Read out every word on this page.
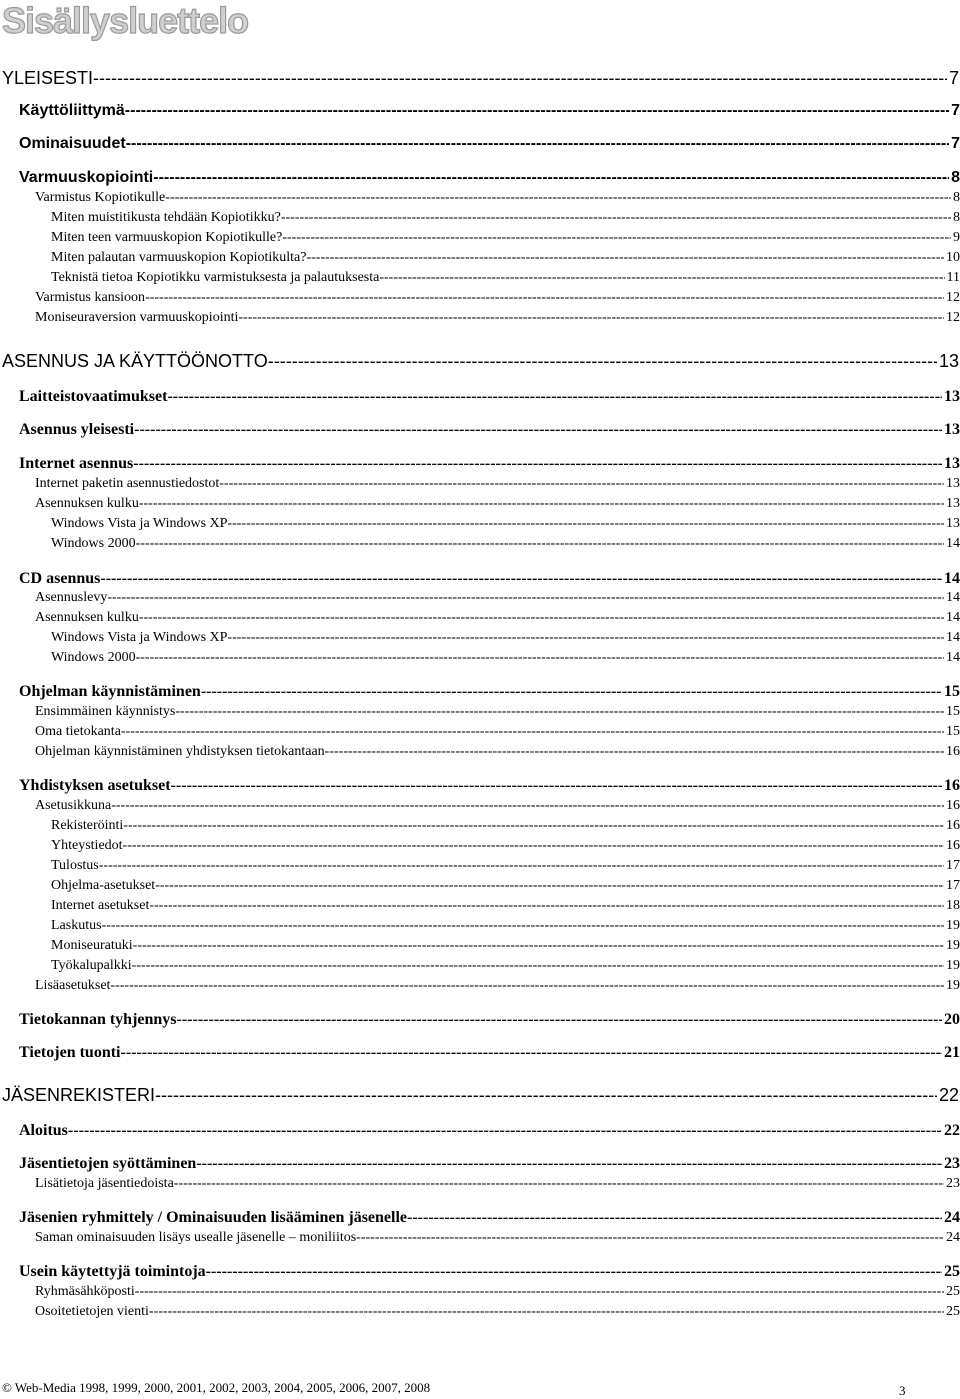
Sisällysluettelo
YLEISESTI -----	7
Käyttöliittymä -----	7
Ominaisuudet -----	7
Varmuuskopiointi -----	8
Varmistus Kopiotikulle -----	8
Miten muistitikusta tehdään Kopiotikku? -----	8
Miten teen varmuuskopion Kopiotikulle? -----	9
Miten palautan varmuuskopion Kopiotikulta? -----	10
Teknistä tietoa Kopiotikku varmistuksesta ja palautuksesta -----	11
Varmistus kansioon -----	12
Moniseuraversion varmuuskopiointi -----	12
ASENNUS JA KÄYTTÖÖNOTTO -----	13
Laitteistovaatimukset -----	13
Asennus yleisesti -----	13
Internet asennus -----	13
Internet paketin asennustiedostot -----	13
Asennuksen kulku -----	13
Windows Vista ja Windows XP -----	13
Windows 2000 -----	14
CD asennus -----	14
Asennuslevy -----	14
Asennuksen kulku -----	14
Windows Vista ja Windows XP -----	14
Windows 2000 -----	14
Ohjelman käynnistäminen -----	15
Ensimmäinen käynnistys -----	15
Oma tietokanta -----	15
Ohjelman käynnistäminen yhdistyksen tietokantaan -----	16
Yhdistyksen asetukset -----	16
Asetusikkuna -----	16
Rekisteröinti -----	16
Yhteystiedot -----	16
Tulostus -----	17
Ohjelma-asetukset -----	17
Internet asetukset -----	18
Laskutus -----	19
Moniseuratuki -----	19
Työkalupalkki -----	19
Lisäasetukset -----	19
Tietokannan tyhjennys -----	20
Tietojen tuonti -----	21
JÄSENREKISTERI -----	22
Aloitus -----	22
Jäsentietojen syöttäminen -----	23
Lisätietoja jäsentiedoista -----	23
Jäsenien ryhmittely / Ominaisuuden lisääminen jäsenelle -----	24
Saman ominaisuuden lisäys usealle jäsenelle – moniliitos -----	24
Usein käytettyjä toimintoja -----	25
Ryhmäsähköposti -----	25
Osoitetietojen vienti -----	25
© Web-Media 1998, 1999, 2000, 2001, 2002, 2003, 2004, 2005, 2006, 2007, 2008	3
